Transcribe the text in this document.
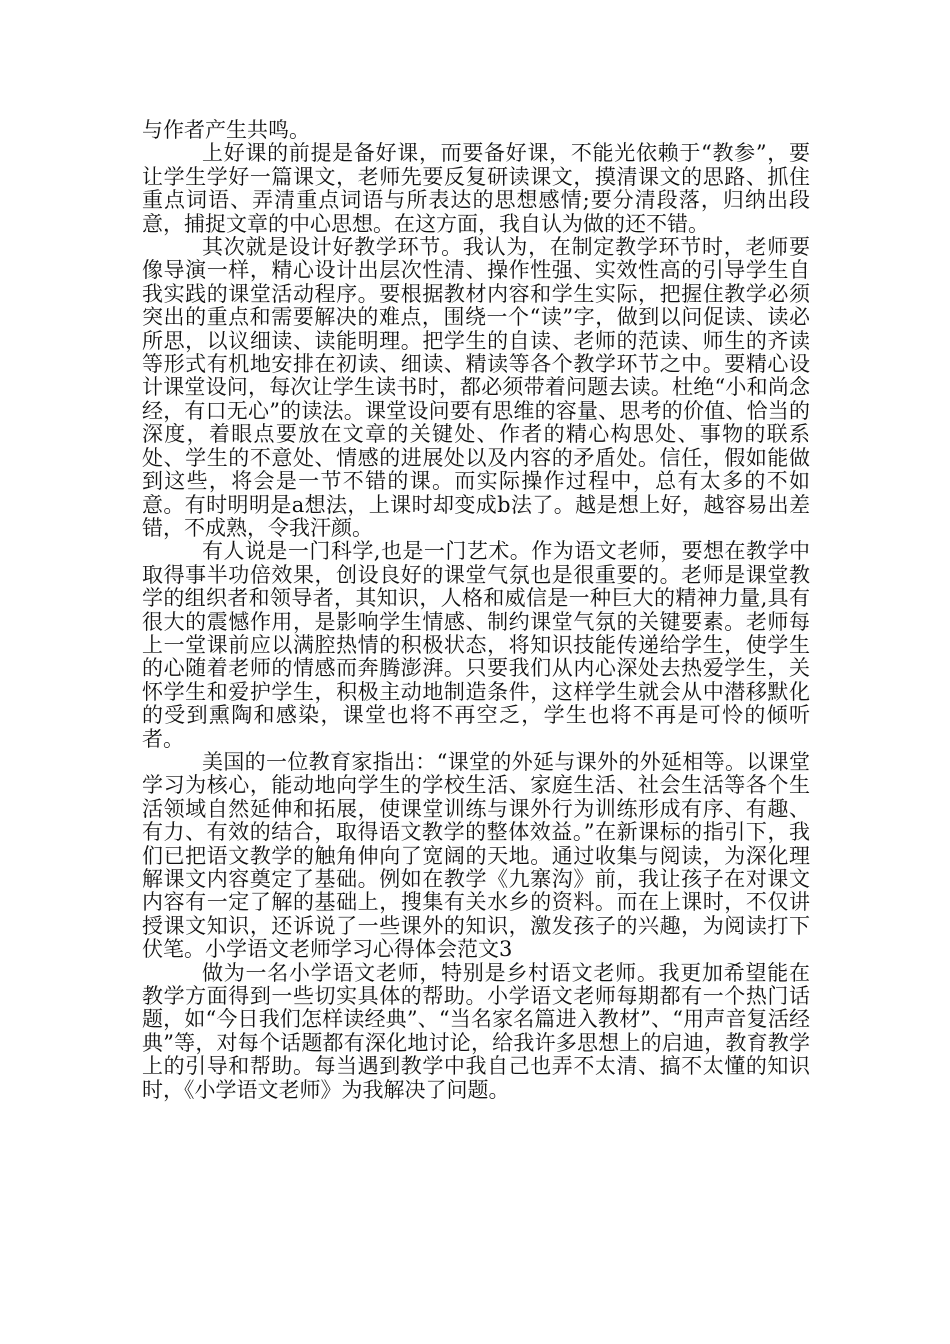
与作者产生共鸣。

上好课的前提是备好课，而要备好课，不能光依赖于“教参”，要让学生学好一篇课文，老师先要反复研读课文，摸清课文的思路、抓住重点词语、弄清重点词语与所表达的思想感情;要分清段落，归纳出段意，捕捉文章的中心思想。在这方面，我自认为做的还不错。

其次就是设计好教学环节。我认为，在制定教学环节时，老师要像导演一样，精心设计出层次性清、操作性强、实效性高的引导学生自我实践的课堂活动程序。要根据教材内容和学生实际，把握住教学必须突出的重点和需要解决的难点，围绕一个“读”字，做到以问促读、读必所思，以议细读、读能明理。把学生的自读、老师的范读、师生的齐读等形式有机地安排在初读、细读、精读等各个教学环节之中。要精心设计课堂设问，每次让学生读书时，都必须带着问题去读。杜绝“小和尚念经，有口无心”的读法。课堂设问要有思维的容量、思考的价值、恰当的深度，着眼点要放在文章的关键处、作者的精心构思处、事物的联系处、学生的不意处、情感的进展处以及内容的矛盾处。信任，假如能做到这些，将会是一节不错的课。而实际操作过程中，总有太多的不如意。有时明明是a想法，上课时却变成b法了。越是想上好，越容易出差错，不成熟，令我汗颜。

有人说是一门科学,也是一门艺术。作为语文老师，要想在教学中取得事半功倍效果，创设良好的课堂气氛也是很重要的。老师是课堂教学的组织者和领导者，其知识，人格和威信是一种巨大的精神力量,具有很大的震憾作用，是影响学生情感、制约课堂气氛的关键要素。老师每上一堂课前应以满腔热情的积极状态，将知识技能传递给学生，使学生的心随着老师的情感而奔腾澎湃。只要我们从内心深处去热爱学生，关怀学生和爱护学生，积极主动地制造条件，这样学生就会从中潜移默化的受到熏陶和感染，课堂也将不再空乏，学生也将不再是可怜的倾听者。

美国的一位教育家指出：“课堂的外延与课外的外延相等。以课堂学习为核心，能动地向学生的学校生活、家庭生活、社会生活等各个生活领域自然延伸和拓展，使课堂训练与课外行为训练形成有序、有趣、有力、有效的结合，取得语文教学的整体效益。”在新课标的指引下，我们已把语文教学的触角伸向了宽阔的天地。通过收集与阅读，为深化理解课文内容奠定了基础。例如在教学《九寨沟》前，我让孩子在对课文内容有一定了解的基础上，搜集有关水乡的资料。而在上课时，不仅讲授课文知识，还诉说了一些课外的知识，激发孩子的兴趣，为阅读打下伏笔。小学语文老师学习心得体会范文3

做为一名小学语文老师，特别是乡村语文老师。我更加希望能在教学方面得到一些切实具体的帮助。小学语文老师每期都有一个热门话题，如“今日我们怎样读经典”、“当名家名篇进入教材”、“用声音复活经典”等，对每个话题都有深化地讨论，给我许多思想上的启迪，教育教学上的引导和帮助。每当遇到教学中我自己也弄不太清、搞不太懂的知识时，《小学语文老师》为我解决了问题。
